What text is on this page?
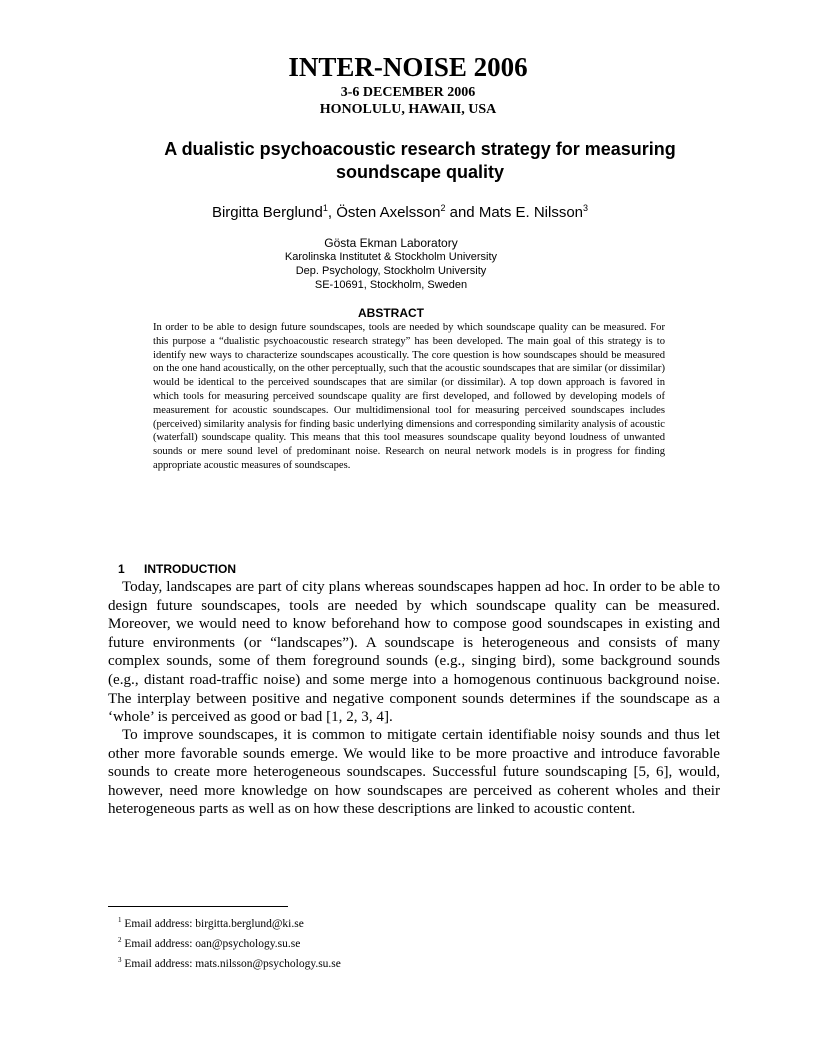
INTER-NOISE 2006
3-6 DECEMBER 2006
HONOLULU, HAWAII, USA
A dualistic psychoacoustic research strategy for measuring soundscape quality
Birgitta Berglund$^1$, Östen Axelsson$^2$ and Mats E. Nilsson$^3$
Gösta Ekman Laboratory
Karolinska Institutet & Stockholm University
Dep. Psychology, Stockholm University
SE-10691, Stockholm, Sweden
ABSTRACT
In order to be able to design future soundscapes, tools are needed by which soundscape quality can be measured. For this purpose a “dualistic psychoacoustic research strategy” has been developed. The main goal of this strategy is to identify new ways to characterize soundscapes acoustically. The core question is how soundscapes should be measured on the one hand acoustically, on the other perceptually, such that the acoustic soundscapes that are similar (or dissimilar) would be identical to the perceived soundscapes that are similar (or dissimilar). A top down approach is favored in which tools for measuring perceived soundscape quality are first developed, and followed by developing models of measurement for acoustic soundscapes. Our multidimensional tool for measuring perceived soundscapes includes (perceived) similarity analysis for finding basic underlying dimensions and corresponding similarity analysis of acoustic (waterfall) soundscape quality. This means that this tool measures soundscape quality beyond loudness of unwanted sounds or mere sound level of predominant noise. Research on neural network models is in progress for finding appropriate acoustic measures of soundscapes.
1 INTRODUCTION
Today, landscapes are part of city plans whereas soundscapes happen ad hoc. In order to be able to design future soundscapes, tools are needed by which soundscape quality can be measured. Moreover, we would need to know beforehand how to compose good soundscapes in existing and future environments (or “landscapes”). A soundscape is heterogeneous and consists of many complex sounds, some of them foreground sounds (e.g., singing bird), some background sounds (e.g., distant road-traffic noise) and some merge into a homogenous continuous background noise. The interplay between positive and negative component sounds determines if the soundscape as a ‘whole’ is perceived as good or bad [1, 2, 3, 4].
To improve soundscapes, it is common to mitigate certain identifiable noisy sounds and thus let other more favorable sounds emerge. We would like to be more proactive and introduce favorable sounds to create more heterogeneous soundscapes. Successful future soundscaping [5, 6], would, however, need more knowledge on how soundscapes are perceived as coherent wholes and their heterogeneous parts as well as on how these descriptions are linked to acoustic content.
$^1$ Email address: birgitta.berglund@ki.se
$^2$ Email address: oan@psychology.su.se
$^3$ Email address: mats.nilsson@psychology.su.se
